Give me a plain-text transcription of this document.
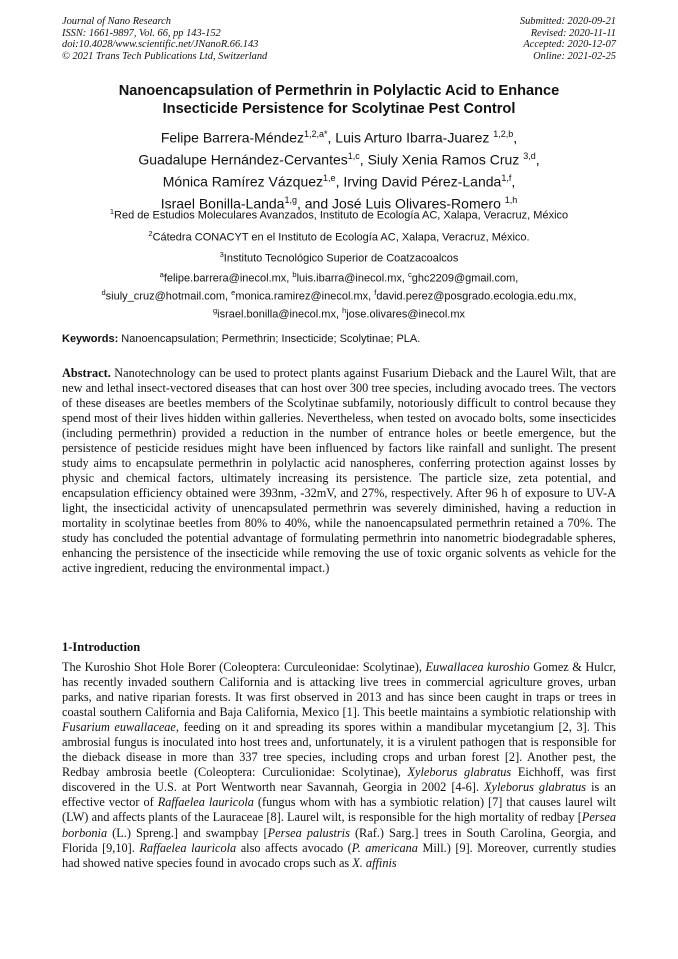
Journal of Nano Research
ISSN: 1661-9897, Vol. 66, pp 143-152
doi:10.4028/www.scientific.net/JNanoR.66.143
© 2021 Trans Tech Publications Ltd, Switzerland
Submitted: 2020-09-21
Revised: 2020-11-11
Accepted: 2020-12-07
Online: 2021-02-25
Nanoencapsulation of Permethrin in Polylactic Acid to Enhance
Insecticide Persistence for Scolytinae Pest Control
Felipe Barrera-Méndez$^{1,2,a*}$, Luis Arturo Ibarra-Juarez $^{1,2,b}$,
Guadalupe Hernández-Cervantes$^{1,c}$, Siuly Xenia Ramos Cruz $^{3,d}$,
Mónica Ramírez Vázquez$^{1,e}$, Irving David Pérez-Landa$^{1,f}$,
Israel Bonilla-Landa$^{1,g}$, and José Luis Olivares-Romero $^{1,h}$
$^1$Red de Estudios Moleculares Avanzados, Instituto de Ecología AC, Xalapa, Veracruz, México
$^2$Cátedra CONACYT en el Instituto de Ecología AC, Xalapa, Veracruz, México.
$^3$Instituto Tecnológico Superior de Coatzacoalcos
$^a$felipe.barrera@inecol.mx, $^b$luis.ibarra@inecol.mx, $^c$ghc2209@gmail.com,
$^d$siuly_cruz@hotmail.com, $^e$monica.ramirez@inecol.mx, $^f$david.perez@posgrado.ecologia.edu.mx,
$^g$israel.bonilla@inecol.mx, $^h$jose.olivares@inecol.mx
Keywords: Nanoencapsulation; Permethrin; Insecticide; Scolytinae; PLA.
Abstract. Nanotechnology can be used to protect plants against Fusarium Dieback and the Laurel Wilt, that are new and lethal insect-vectored diseases that can host over 300 tree species, including avocado trees. The vectors of these diseases are beetles members of the Scolytinae subfamily, notoriously difficult to control because they spend most of their lives hidden within galleries. Nevertheless, when tested on avocado bolts, some insecticides (including permethrin) provided a reduction in the number of entrance holes or beetle emergence, but the persistence of pesticide residues might have been influenced by factors like rainfall and sunlight. The present study aims to encapsulate permethrin in polylactic acid nanospheres, conferring protection against losses by physic and chemical factors, ultimately increasing its persistence. The particle size, zeta potential, and encapsulation efficiency obtained were 393nm, -32mV, and 27%, respectively. After 96 h of exposure to UV-A light, the insecticidal activity of unencapsulated permethrin was severely diminished, having a reduction in mortality in scolytinae beetles from 80% to 40%, while the nanoencapsulated permethrin retained a 70%. The study has concluded the potential advantage of formulating permethrin into nanometric biodegradable spheres, enhancing the persistence of the insecticide while removing the use of toxic organic solvents as vehicle for the active ingredient, reducing the environmental impact.)
1-Introduction
The Kuroshio Shot Hole Borer (Coleoptera: Curculeonidae: Scolytinae), Euwallacea kuroshio Gomez & Hulcr, has recently invaded southern California and is attacking live trees in commercial agriculture groves, urban parks, and native riparian forests. It was first observed in 2013 and has since been caught in traps or trees in coastal southern California and Baja California, Mexico [1]. This beetle maintains a symbiotic relationship with Fusarium euwallaceae, feeding on it and spreading its spores within a mandibular mycetangium [2, 3]. This ambrosial fungus is inoculated into host trees and, unfortunately, it is a virulent pathogen that is responsible for the dieback disease in more than 337 tree species, including crops and urban forest [2]. Another pest, the Redbay ambrosia beetle (Coleoptera: Curculionidae: Scolytinae), Xyleborus glabratus Eichhoff, was first discovered in the U.S. at Port Wentworth near Savannah, Georgia in 2002 [4-6]. Xyleborus glabratus is an effective vector of Raffaelea lauricola (fungus whom with has a symbiotic relation) [7] that causes laurel wilt (LW) and affects plants of the Lauraceae [8]. Laurel wilt, is responsible for the high mortality of redbay [Persea borbonia (L.) Spreng.] and swampbay [Persea palustris (Raf.) Sarg.] trees in South Carolina, Georgia, and Florida [9,10]. Raffaelea lauricola also affects avocado (P. americana Mill.) [9]. Moreover, currently studies had showed native species found in avocado crops such as X. affinis
